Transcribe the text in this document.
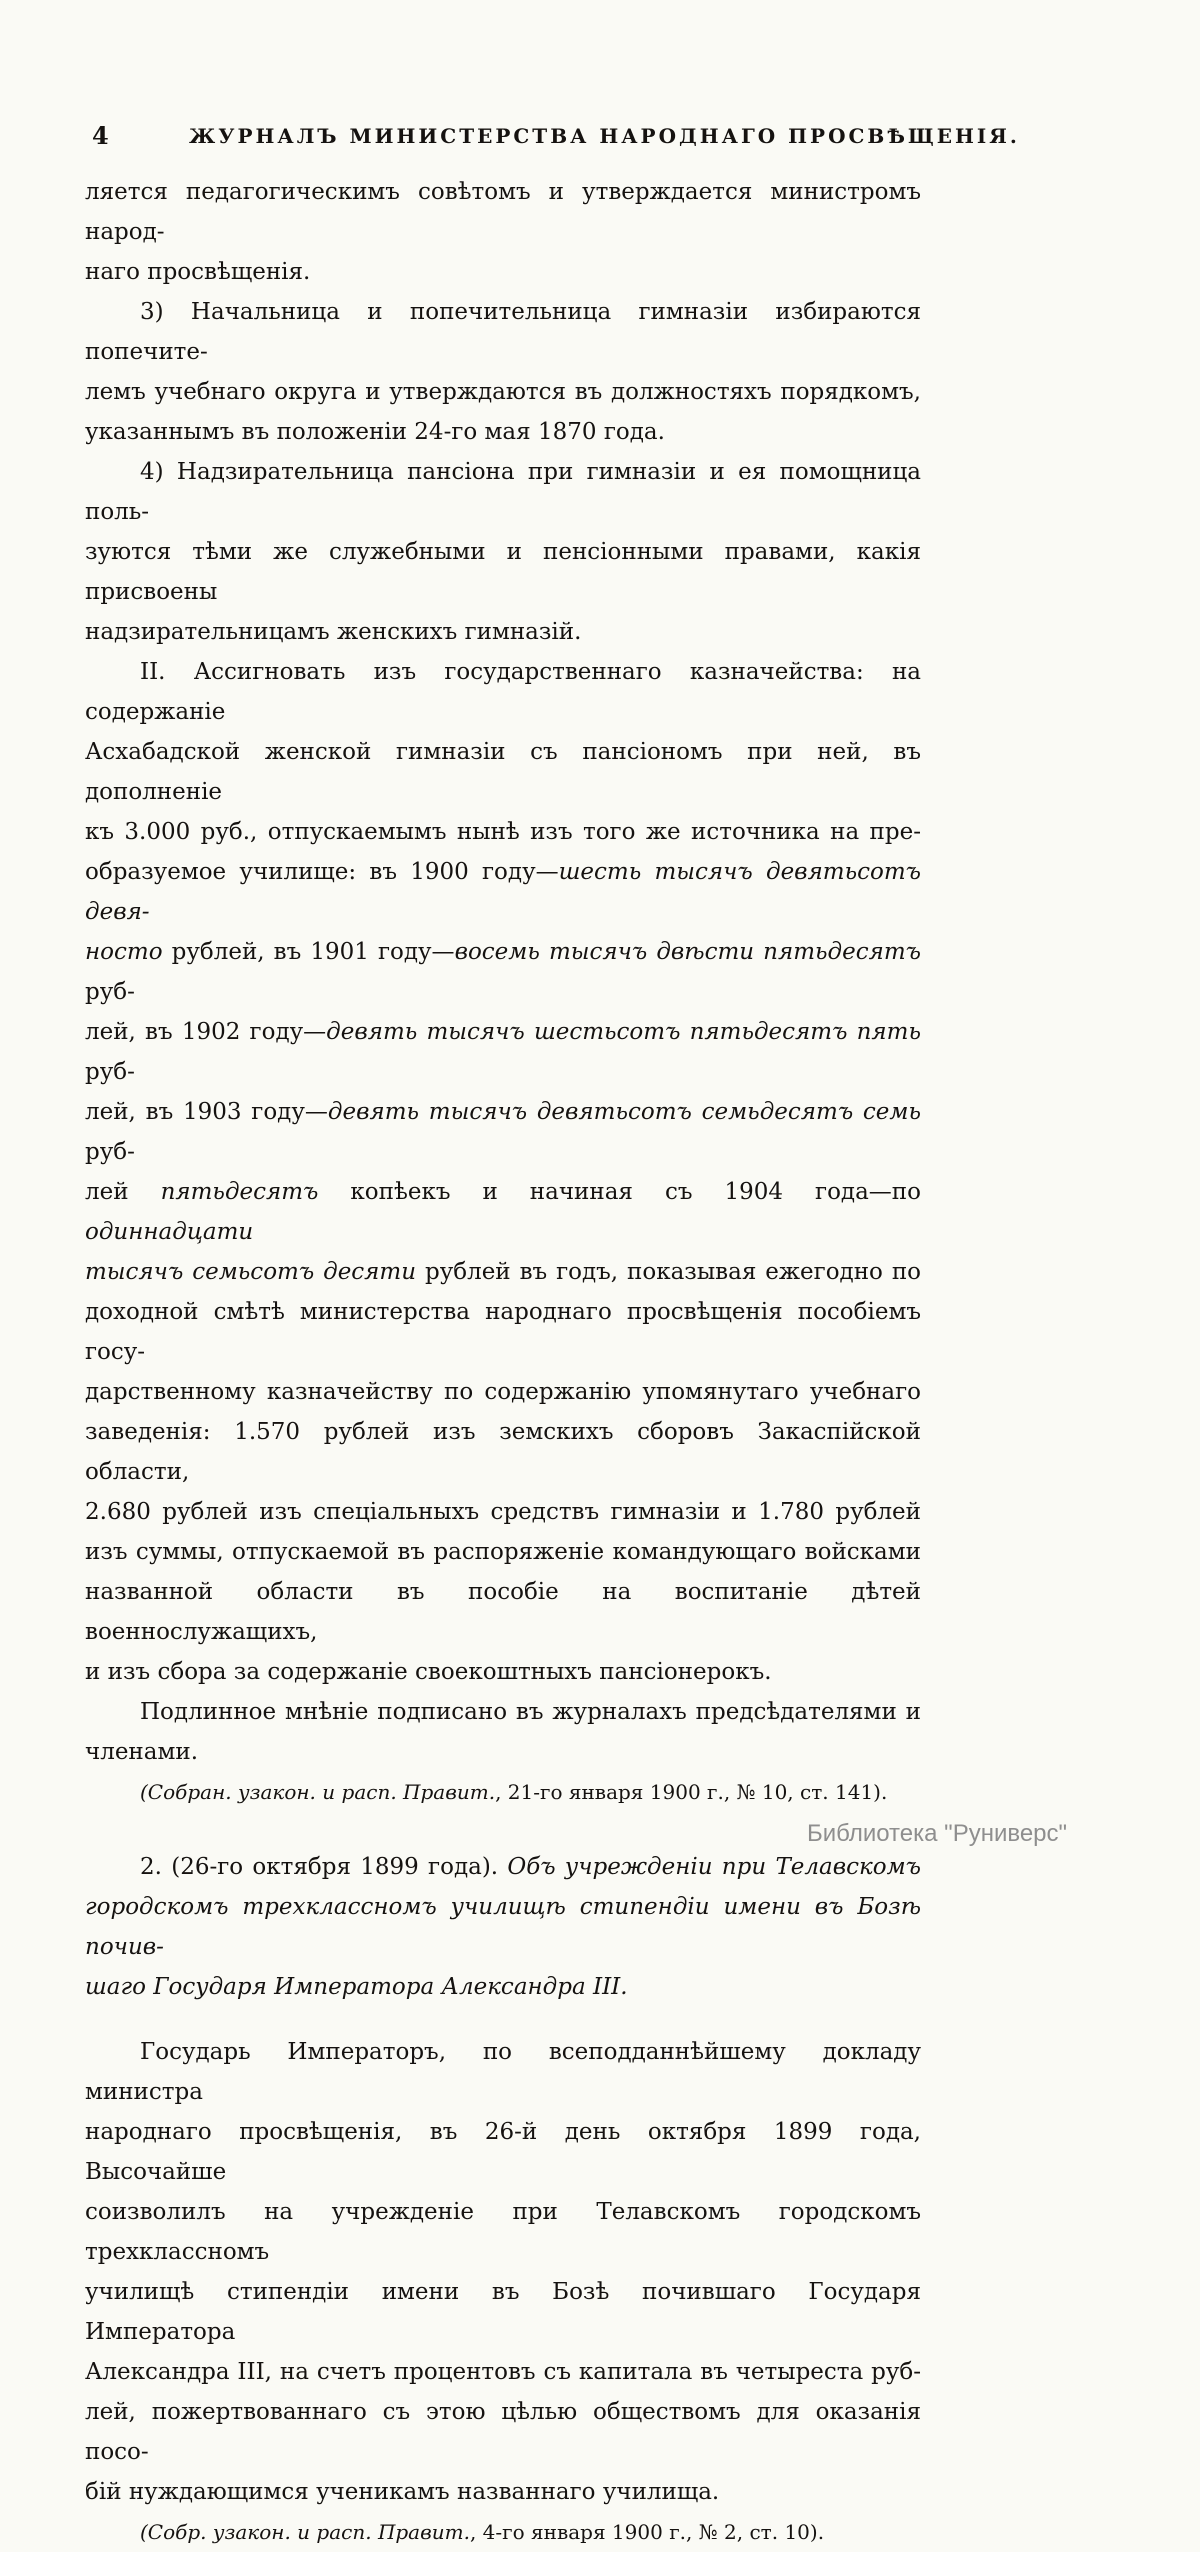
4	ЖУРНАЛЪ МИНИСТЕРСТВА НАРОДНАГО ПРОСВѢЩЕНІЯ.
ляется педагогическимъ совѣтомъ и утверждается министромъ народ-
наго просвѣщенія.
3) Начальница и попечительница гимназіи избираются попечите-
лемъ учебнаго округа и утверждаются въ должностяхъ порядкомъ,
указаннымъ въ положеніи 24-го мая 1870 года.
4) Надзирательница пансіона при гимназіи и ея помощница поль-
зуются тѣми же служебными и пенсіонными правами, какія присвоены
надзирательницамъ женскихъ гимназій.
II. Ассигновать изъ государственнаго казначейства: на содержаніе
Асхабадской женской гимназіи съ пансіономъ при ней, въ дополненіе
къ 3.000 руб., отпускаемымъ нынѣ изъ того же источника на пре-
образуемое училище: въ 1900 году—шесть тысячъ девятьсотъ девя-
носто рублей, въ 1901 году—восемь тысячъ двѣсти пятьдесятъ руб-
лей, въ 1902 году—девять тысячъ шестьсотъ пятьдесятъ пять руб-
лей, въ 1903 году—девять тысячъ девятьсотъ семьдесятъ семь руб-
лей пятьдесятъ копѣекъ и начиная съ 1904 года—по одиннадцати
тысячъ семьсотъ десяти рублей въ годъ, показывая ежегодно по
доходной смѣтѣ министерства народнаго просвѣщенія пособіемъ госу-
дарственному казначейству по содержанію упомянутаго учебнаго
заведенія: 1.570 рублей изъ земскихъ сборовъ Закаспійской области,
2.680 рублей изъ спеціальныхъ средствъ гимназіи и 1.780 рублей
изъ суммы, отпускаемой въ распоряженіе командующаго войсками
названной области въ пособіе на воспитаніе дѣтей военнослужащихъ,
и изъ сбора за содержаніе своекоштныхъ пансіонерокъ.
Подлинное мнѣніе подписано въ журналахъ предсѣдателями и
членами.
(Собран. узакон. и расп. Правит., 21-го января 1900 г., № 10, ст. 141).
2. (26-го октября 1899 года). Объ учрежденіи при Телавскомъ
городскомъ трехклассномъ училищѣ стипендіи имени въ Бозѣ почив-
шаго Государя Императора Александра III.
Государь Императоръ, по всеподданнѣйшему докладу министра
народнаго просвѣщенія, въ 26-й день октября 1899 года, Высочайше
соизволилъ на учрежденіе при Телавскомъ городскомъ трехклассномъ
училищѣ стипендіи имени въ Бозѣ почившаго Государя Императора
Александра III, на счетъ процентовъ съ капитала въ четыреста руб-
лей, пожертвованнаго съ этою цѣлью обществомъ для оказанія посо-
бій нуждающимся ученикамъ названнаго училища.
(Собр. узакон. и расп. Правит., 4-го января 1900 г., № 2, ст. 10).
Библиотека "Руниверс"
